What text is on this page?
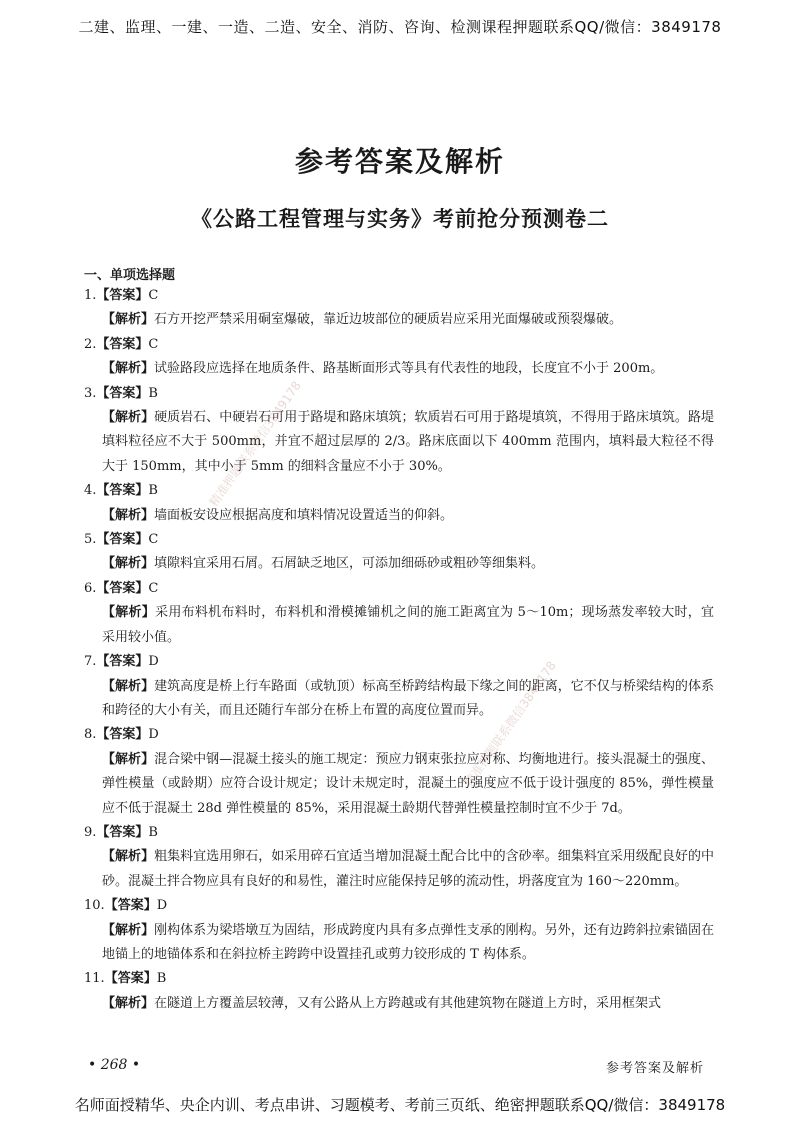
二建、监理、一建、一造、二造、安全、消防、咨询、检测课程押题联系QQ/微信：3849178
参考答案及解析
《公路工程管理与实务》考前抢分预测卷二
一、单项选择题
1.【答案】C
【解析】石方开挖严禁采用硐室爆破，靠近边坡部位的硬质岩应采用光面爆破或预裂爆破。
2.【答案】C
【解析】试验路段应选择在地质条件、路基断面形式等具有代表性的地段，长度宜不小于 200m。
3.【答案】B
【解析】硬质岩石、中硬岩石可用于路堤和路床填筑；软质岩石可用于路堤填筑，不得用于路床填筑。路堤填料粒径应不大于 500mm，并宜不超过层厚的 2/3。路床底面以下 400mm 范围内，填料最大粒径不得大于 150mm，其中小于 5mm 的细料含量应不小于 30%。
4.【答案】B
【解析】墙面板安设应根据高度和填料情况设置适当的仰斜。
5.【答案】C
【解析】填隙料宜采用石屑。石屑缺乏地区，可添加细砾砂或粗砂等细集料。
6.【答案】C
【解析】采用布料机布料时，布料机和滑模摊铺机之间的施工距离宜为 5～10m；现场蒸发率较大时，宜采用较小值。
7.【答案】D
【解析】建筑高度是桥上行车路面（或轨顶）标高至桥跨结构最下缘之间的距离，它不仅与桥梁结构的体系和跨径的大小有关，而且还随行车部分在桥上布置的高度位置而异。
8.【答案】D
【解析】混合梁中钢—混凝土接头的施工规定：预应力钢束张拉应对称、均衡地进行。接头混凝土的强度、弹性模量（或龄期）应符合设计规定；设计未规定时，混凝土的强度应不低于设计强度的 85%，弹性模量应不低于混凝土 28d 弹性模量的 85%，采用混凝土龄期代替弹性模量控制时宜不少于 7d。
9.【答案】B
【解析】粗集料宜选用卵石，如采用碎石宜适当增加混凝土配合比中的含砂率。细集料宜采用级配良好的中砂。混凝土拌合物应具有良好的和易性，灌注时应能保持足够的流动性，坍落度宜为 160～220mm。
10.【答案】D
【解析】刚构体系为梁塔墩互为固结，形成跨度内具有多点弹性支承的刚构。另外，还有边跨斜拉索锚固在地锚上的地锚体系和在斜拉桥主跨跨中设置挂孔或剪力铰形成的 T 构体系。
11.【答案】B
【解析】在隧道上方覆盖层较薄，又有公路从上方跨越或有其他建筑物在隧道上方时，采用框架式
精准押题联系微信3849178
精准押题联系微信3849178
• 268 •	参考答案及解析
名师面授精华、央企内训、考点串讲、习题模考、考前三页纸、绝密押题联系QQ/微信：3849178
